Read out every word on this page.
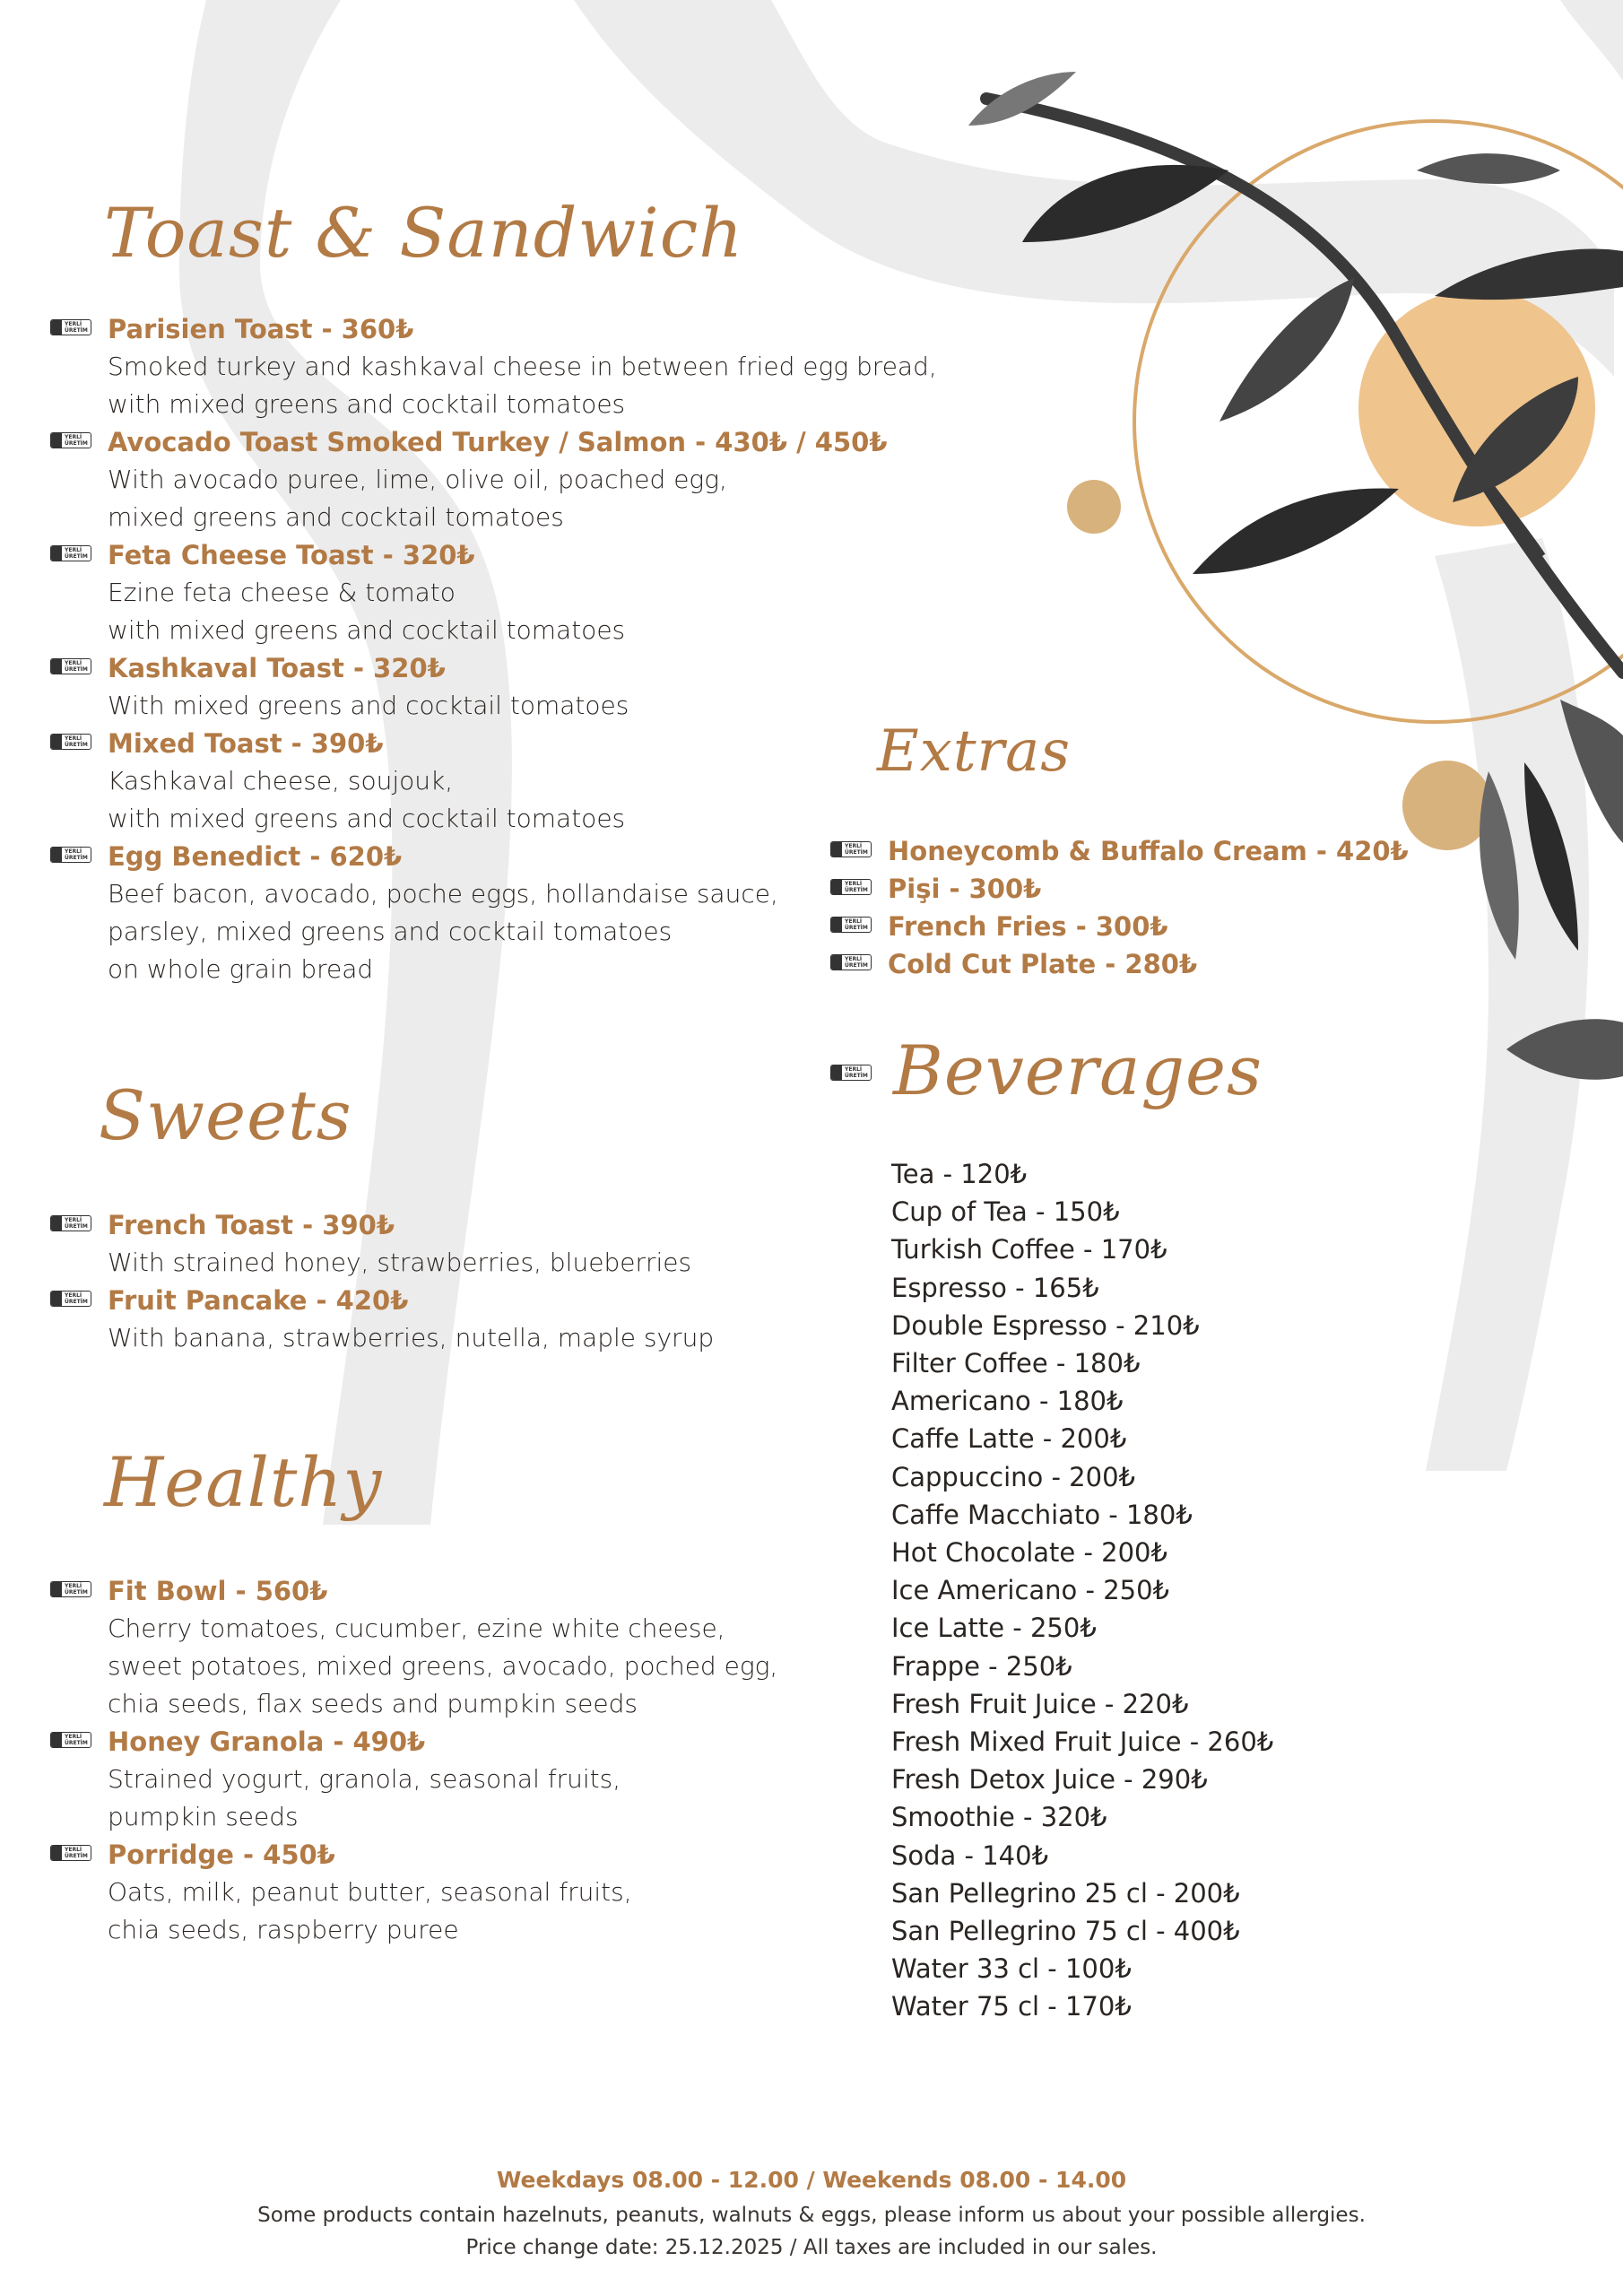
Toast & Sandwich
YERLİ
ÜRETİM Parisien Toast - 360₺
Smoked turkey and kashkaval cheese in between fried egg bread,
with mixed greens and cocktail tomatoes
YERLİ
ÜRETİM Avocado Toast Smoked Turkey / Salmon - 430₺ / 450₺
With avocado puree, lime, olive oil, poached egg,
mixed greens and cocktail tomatoes
YERLİ
ÜRETİM Feta Cheese Toast - 320₺
Ezine feta cheese & tomato
with mixed greens and cocktail tomatoes
YERLİ
ÜRETİM Kashkaval Toast - 320₺
With mixed greens and cocktail tomatoes
YERLİ
ÜRETİM Mixed Toast - 390₺
Kashkaval cheese, soujouk,
with mixed greens and cocktail tomatoes
YERLİ
ÜRETİM Egg Benedict - 620₺
Beef bacon, avocado, poche eggs, hollandaise sauce,
parsley, mixed greens and cocktail tomatoes
on whole grain bread
Sweets
YERLİ
ÜRETİM French Toast - 390₺
With strained honey, strawberries, blueberries
YERLİ
ÜRETİM Fruit Pancake - 420₺
With banana, strawberries, nutella, maple syrup
Healthy
YERLİ
ÜRETİM Fit Bowl - 560₺
Cherry tomatoes, cucumber, ezine white cheese,
sweet potatoes, mixed greens, avocado, poched egg,
chia seeds, flax seeds and pumpkin seeds
YERLİ
ÜRETİM Honey Granola - 490₺
Strained yogurt, granola, seasonal fruits,
pumpkin seeds
YERLİ
ÜRETİM Porridge - 450₺
Oats, milk, peanut butter, seasonal fruits,
chia seeds, raspberry puree
Extras
YERLİ
ÜRETİM Honeycomb & Buffalo Cream - 420₺
YERLİ
ÜRETİM Pişi - 300₺
YERLİ
ÜRETİM French Fries - 300₺
YERLİ
ÜRETİM Cold Cut Plate - 280₺
YERLİ
ÜRETİM Beverages
Tea - 120₺
Cup of Tea - 150₺
Turkish Coffee - 170₺
Espresso - 165₺
Double Espresso - 210₺
Filter Coffee - 180₺
Americano - 180₺
Caffe Latte - 200₺
Cappuccino - 200₺
Caffe Macchiato - 180₺
Hot Chocolate - 200₺
Ice Americano - 250₺
Ice Latte - 250₺
Frappe - 250₺
Fresh Fruit Juice - 220₺
Fresh Mixed Fruit Juice - 260₺
Fresh Detox Juice - 290₺
Smoothie - 320₺
Soda - 140₺
San Pellegrino 25 cl - 200₺
San Pellegrino 75 cl - 400₺
Water 33 cl - 100₺
Water 75 cl - 170₺
Weekdays 08.00 - 12.00 / Weekends 08.00 - 14.00
Some products contain hazelnuts, peanuts, walnuts & eggs, please inform us about your possible allergies.
Price change date: 25.12.2025 / All taxes are included in our sales.
